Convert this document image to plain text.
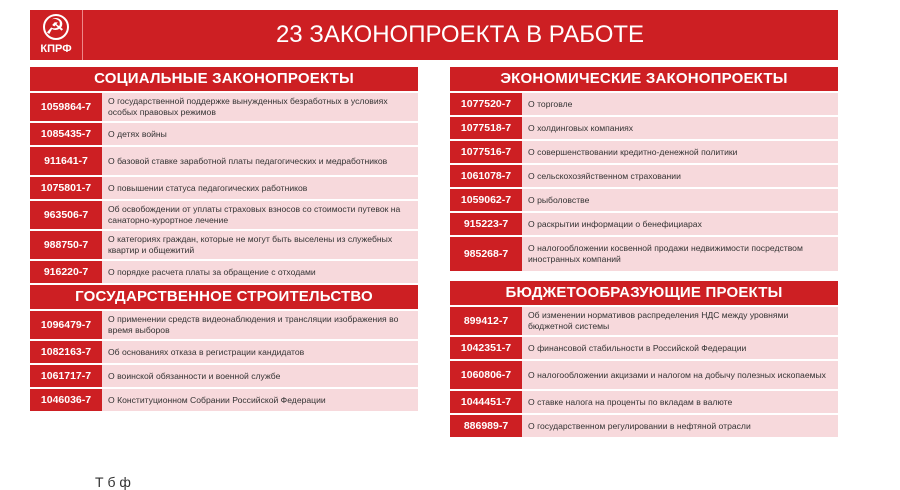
☭
КПРФ
23 ЗАКОНОПРОЕКТА В РАБОТЕ
СОЦИАЛЬНЫЕ ЗАКОНОПРОЕКТЫ
1059864-7	О государственной поддержке вынужденных безработных в условиях особых правовых режимов
1085435-7	О детях войны
911641-7	О базовой ставке заработной платы педагогических и медработников
1075801-7	О повышении статуса педагогических работников
963506-7	Об освобождении от уплаты страховых взносов со стоимости путевок на санаторно-курортное лечение
988750-7	О категориях граждан, которые не могут быть выселены из служебных квартир и общежитий
916220-7	О порядке расчета платы за обращение с отходами
ГОСУДАРСТВЕННОЕ СТРОИТЕЛЬСТВО
1096479-7	О применении средств видеонаблюдения и трансляции изображения во время выборов
1082163-7	Об основаниях отказа в регистрации кандидатов
1061717-7	О воинской обязанности и военной службе
1046036-7	О Конституционном Собрании Российской Федерации
ЭКОНОМИЧЕСКИЕ ЗАКОНОПРОЕКТЫ
1077520-7	О торговле
1077518-7	О холдинговых компаниях
1077516-7	О совершенствовании кредитно-денежной политики
1061078-7	О сельскохозяйственном страховании
1059062-7	О рыболовстве
915223-7	О раскрытии информации о бенефициарах
985268-7	О налогообложении косвенной продажи недвижимости посредством иностранных компаний
БЮДЖЕТООБРАЗУЮЩИЕ ПРОЕКТЫ
899412-7	Об изменении нормативов распределения НДС между уровнями бюджетной системы
1042351-7	О финансовой стабильности в Российской Федерации
1060806-7	О налогообложении акцизами и налогом на добычу полезных ископаемых
1044451-7	О ставке налога на проценты по вкладам в валюте
886989-7	О государственном регулировании в нефтяной отрасли
Т б ф
